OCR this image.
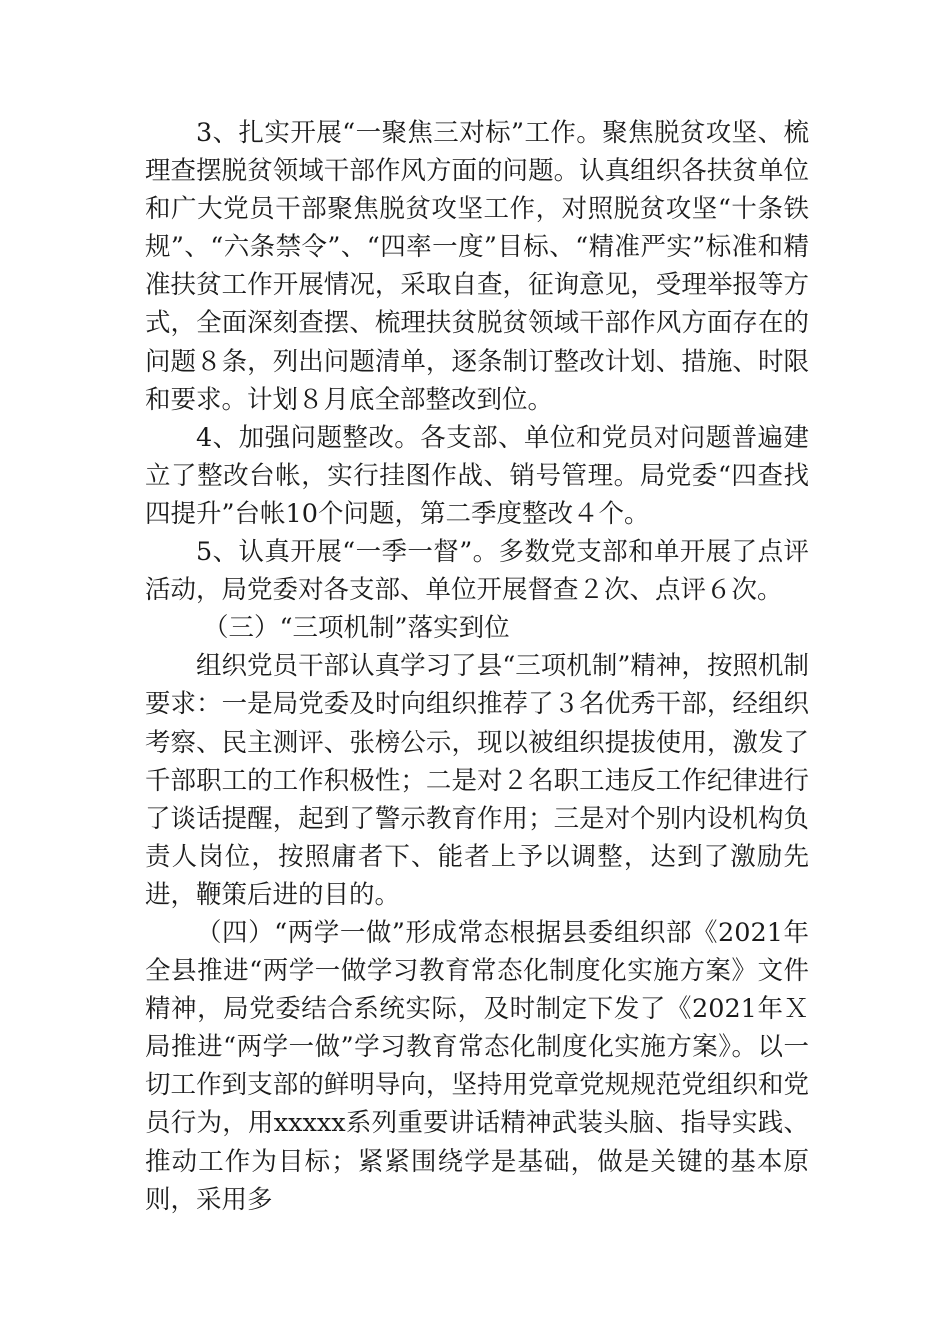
3、扎实开展“一聚焦三对标”工作。聚焦脱贫攻坚、梳理查摆脱贫领域干部作风方面的问题。认真组织各扶贫单位和广大党员干部聚焦脱贫攻坚工作，对照脱贫攻坚“十条铁规”、“六条禁令”、“四率一度”目标、“精准严实”标准和精准扶贫工作开展情况，采取自查，征询意见，受理举报等方式，全面深刻查摆、梳理扶贫脱贫领域干部作风方面存在的问题８条，列出问题清单，逐条制订整改计划、措施、时限和要求。计划８月底全部整改到位。

4、加强问题整改。各支部、单位和党员对问题普遍建立了整改台帐，实行挂图作战、销号管理。局党委“四查找四提升”台帐10个问题，第二季度整改４个。

5、认真开展“一季一督”。多数党支部和单开展了点评活动，局党委对各支部、单位开展督查２次、点评６次。

（三）“三项机制”落实到位

组织党员干部认真学习了县“三项机制”精神，按照机制要求：一是局党委及时向组织推荐了３名优秀干部，经组织考察、民主测评、张榜公示，现以被组织提拔使用，激发了千部职工的工作积极性；二是对２名职工违反工作纪律进行了谈话提醒，起到了警示教育作用；三是对个别内设机构负责人岗位，按照庸者下、能者上予以调整，达到了激励先进，鞭策后进的目的。

（四）“两学一做”形成常态根据县委组织部《2021年全县推进“两学一做学习教育常态化制度化实施方案》文件精神，局党委结合系统实际，及时制定下发了《2021年Ｘ局推进“两学一做”学习教育常态化制度化实施方案》。以一切工作到支部的鲜明导向，坚持用党章党规规范党组织和党员行为，用xxxxx系列重要讲话精神武装头脑、指导实践、推动工作为目标；紧紧围绕学是基础，做是关键的基本原则，采用多
